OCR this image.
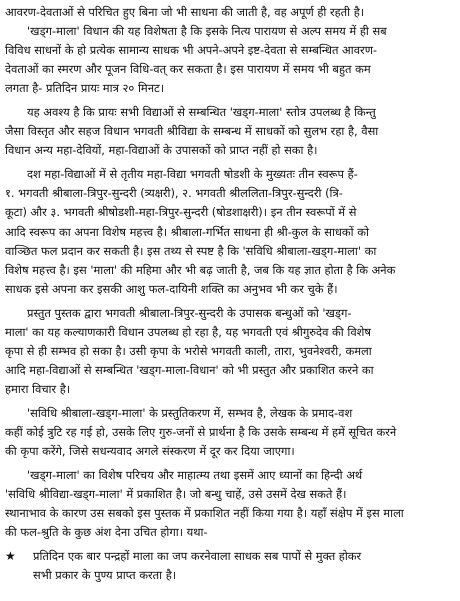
आवरण-देवताओं से परिचित हुए बिना जो भी साधना की जाती है, वह अपूर्ण ही रहती है।
'खड्ग-माला' विधान की यह विशेषता है कि इसके नित्य पारायण से अल्प समय में ही सब
विविध साधनों के हो प्रत्येक सामान्य साधक भी अपने-अपने इष्ट-देवता से सम्बन्धित आवरण-
देवताओं का स्मरण और पूजन विधि-वत् कर सकता है। इस पारायण में समय भी बहुत कम
लगता है- प्रतिदिन प्रायः मात्र २० मिनट।
यह अवश्य है कि प्रायः सभी विद्याओं से सम्बन्धित 'खड्ग-माला' स्तोत्र उपलब्ध है किन्तु
जैसा विस्तृत और सहज विधान भगवती श्रीविद्या के सम्बन्ध में साधकों को सुलभ रहा है, वैसा
विधान अन्य महा-देवियों, महा-विद्याओं के उपासकों को प्राप्त नहीं हो सका है।
दश महा-विद्याओं में से तृतीय महा-विद्या भगवती षोडशी के मुख्यतः तीन स्वरूप हैं-
१. भगवती श्रीबाला-त्रिपुर-सुन्दरी (त्र्यक्षरी), २. भगवती श्रीललिता-त्रिपुर-सुन्दरी (त्रि-
कूटा) और ३. भगवती श्रीषोडशी-महा-त्रिपुर-सुन्दरी (षोडशाक्षरी)। इन तीन स्वरूपों में से
आदि स्वरूप का अपना विशेष महत्त्व है। श्रीबाला-गर्भित साधना ही श्री-कुल के साधकों को
वाञ्छित फल प्रदान कर सकती है। इस तथ्य से स्पष्ट है कि 'सविधि श्रीबाला-खड्ग-माला' का
विशेष महत्त्व है। इस 'माला' की महिमा और भी बढ़ जाती है, जब कि यह ज्ञात होता है कि अनेक
साधक इसे अपना कर इसकी आशु फल-दायिनी शक्ति का अनुभव भी कर चुके हैं।
प्रस्तुत पुस्तक द्वारा भगवती श्रीबाला-त्रिपुर-सुन्दरी के उपासक बन्धुओं को 'खड्ग-
माला' का यह कल्याणकारी विधान उपलब्ध हो रहा है, यह भगवती एवं श्रीगुरुदेव की विशेष
कृपा से ही सम्भव हो सका है। उसी कृपा के भरोसे भगवती काली, तारा, भुवनेश्वरी, कमला
आदि महा-विद्याओं से सम्बन्धित 'खड्ग-माला-विधान' को भी प्रस्तुत और प्रकाशित करने का
हमारा विचार है।
'सविधि श्रीबाला-खड्ग-माला' के प्रस्तुतिकरण में, सम्भव है, लेखक के प्रमाद-वश
कहीं कोई त्रुटि रह गई हो, उसके लिए गुरु-जनों से प्रार्थना है कि उसके सम्बन्ध में हमें सूचित करने
की कृपा करेंगे, जिसे सधन्यवाद अगले संस्करण में दूर कर दिया जाएगा।
'खड्ग-माला' का विशेष परिचय और माहात्म्य तथा इसमें आए ध्यानों का हिन्दी अर्थ
'सविधि श्रीविद्या-खड्ग-माला' में प्रकाशित है। जो बन्धु चाहें, उसे उसमें देख सकते हैं।
स्थानाभाव के कारण उस सबको इस पुस्तक में प्रकाशित नहीं किया गया है। यहाँ संक्षेप में इस माला
की फल-श्रुति के कुछ अंश देना उचित होगा। यथा-
★ प्रतिदिन एक बार पन्द्रहों माला का जप करनेवाला साधक सब पापों से मुक्त होकर
सभी प्रकार के पुण्य प्राप्त करता है।
